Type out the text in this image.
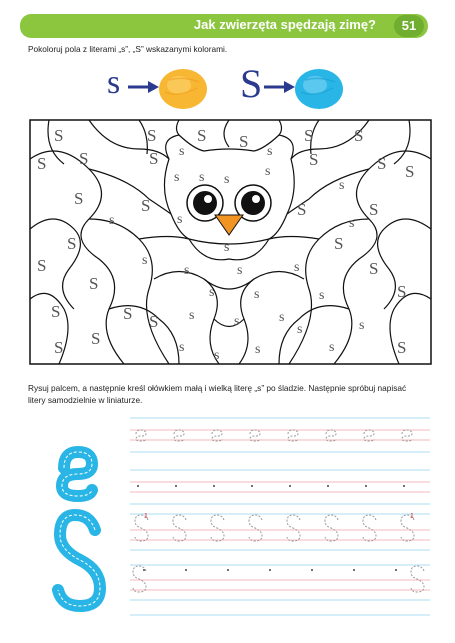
Jak zwierzęta spędzają zimę?	51
Pokoloruj pola z literami „s”, „S” wskazanymi kolorami.
s	S
S	S S	S S
S S	S
S
S	S S
S	S	S	S
S	S
S	S
S	S
S	S S
S
S	S
s	s
s
s s s	s
s	s	s
s
s
s	s	s
s	s	s
s	s	s
s	s
s	s
s
s
Rysuj palcem, a następnie kreśl ołówkiem małą i wielką literę „s” po śladzie. Następnie spróbuj napisać
litery samodzielnie w liniaturze.
1	1
